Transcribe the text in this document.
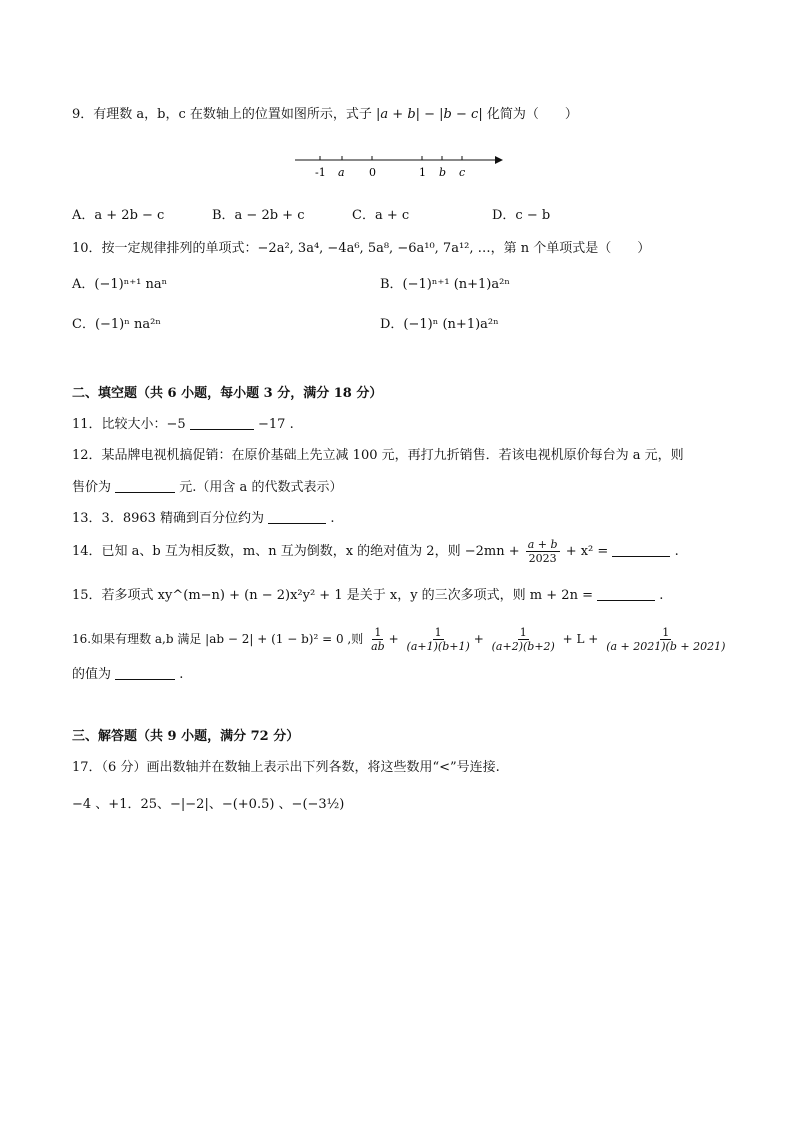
9．有理数 a，b，c 在数轴上的位置如图所示，式子 |a + b| − |b − c| 化简为（　　）
-1 a 0	1 b c
A．a + 2b − c	B．a − 2b + c	C．a + c	D．c − b
10．按一定规律排列的单项式：−2a², 3a⁴, −4a⁶, 5a⁸, −6a¹⁰, 7a¹², …，第 n 个单项式是（　　）
A．(−1)ⁿ⁺¹ naⁿ	B．(−1)ⁿ⁺¹ (n+1)a²ⁿ
C．(−1)ⁿ na²ⁿ	D．(−1)ⁿ (n+1)a²ⁿ
二、填空题（共 6 小题，每小题 3 分，满分 18 分）
11．比较大小：−5	−17 .
12．某品牌电视机搞促销：在原价基础上先立减 100 元，再打九折销售．若该电视机原价每台为 a 元，则
售价为	元.（用含 a 的代数式表示）
13．3．8963 精确到百分位约为	.
14．已知 a、b 互为相反数，m、n 互为倒数，x 的绝对值为 2，则 $-2mn + \frac{a + b}{2023} + x^2$ =	.
15．若多项式 xy^(m−n) + (n − 2)x²y² + 1 是关于 x，y 的三次多项式，则 m + 2n =	.
16.如果有理数 a,b 满足 |ab − 2| + (1 − b)² = 0 ,则 $\frac{1}{ab} + \frac{1}{(a+1)(b+1)} + \frac{1}{(a+2)(b+2)} + L + \frac{1}{(a + 2021)(b + 2021)}$
的值为	.
三、解答题（共 9 小题，满分 72 分）
17．（6 分）画出数轴并在数轴上表示出下列各数，将这些数用“<”号连接.
−4 、+1．25、−|−2|、−(+0.5) 、−(−3½)
